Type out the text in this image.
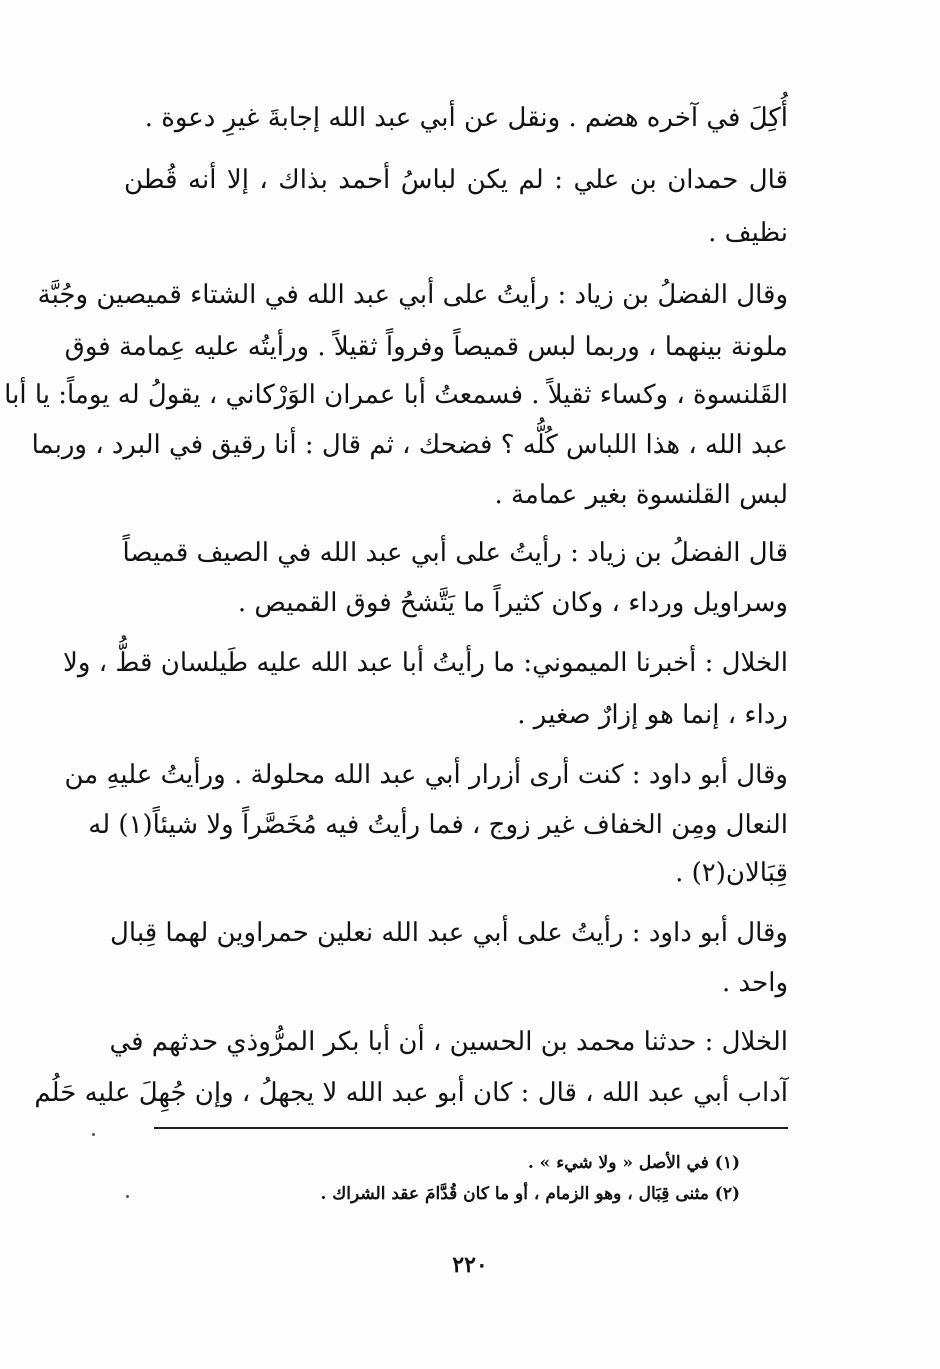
أُكِلَ في آخره هضم . ونقل عن أبي عبد الله إجابةَ غيرِ دعوة .
قال حمدان بن علي : لم يكن لباسُ أحمد بذاك ، إلا أنه قُطن
نظيف .
وقال الفضلُ بن زياد : رأيتُ على أبي عبد الله في الشتاء قميصين وجُبَّة
ملونة بينهما ، وربما لبس قميصاً وفرواً ثقيلاً . ورأيتُه عليه عِمامة فوق
القَلنسوة ، وكساء ثقيلاً . فسمعتُ أبا عمران الوَرْكاني ، يقولُ له يوماً: يا أبا
عبد الله ، هذا اللباس كُلُّه ؟ فضحك ، ثم قال : أنا رقيق في البرد ، وربما
لبس القلنسوة بغير عمامة .
قال الفضلُ بن زياد : رأيتُ على أبي عبد الله في الصيف قميصاً
وسراويل ورداء ، وكان كثيراً ما يَتَّشحُ فوق القميص .
الخلال : أخبرنا الميموني: ما رأيتُ أبا عبد الله عليه طَيلسان قطُّ ، ولا
رداء ، إنما هو إزارٌ صغير .
وقال أبو داود : كنت أرى أزرار أبي عبد الله محلولة . ورأيتُ عليهِ من
النعال ومِن الخفاف غير زوج ، فما رأيتُ فيه مُخَصَّراً ولا شيئاً(١) له
قِبَالان(٢) .
وقال أبو داود : رأيتُ على أبي عبد الله نعلين حمراوين لهما قِبال
واحد .
الخلال : حدثنا محمد بن الحسين ، أن أبا بكر المرُّوذي حدثهم في
آداب أبي عبد الله ، قال : كان أبو عبد الله لا يجهلُ ، وإن جُهِلَ عليه حَلُم
(١) في الأصل « ولا شيء » .
(٢) مثنى قِبَال ، وهو الزمام ، أو ما كان قُدَّامَ عقد الشراك .
٢٢٠
